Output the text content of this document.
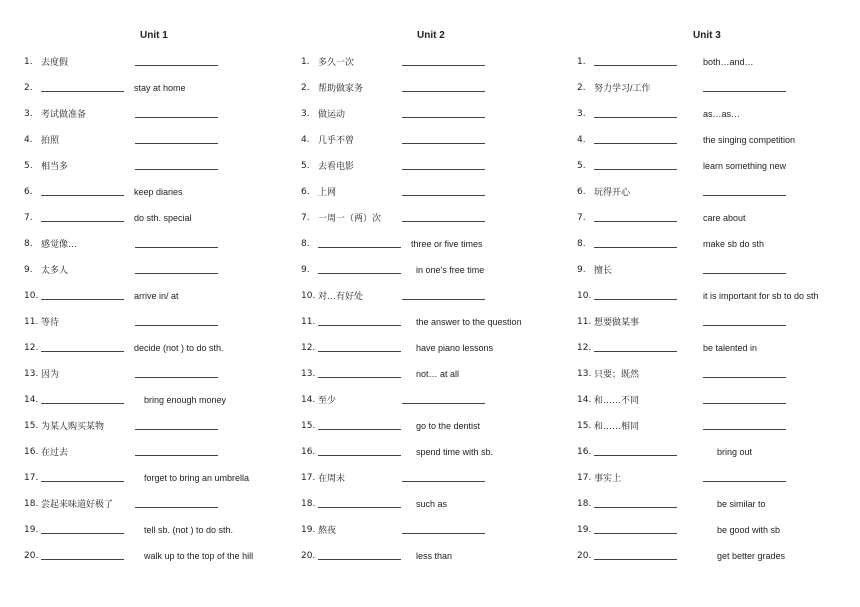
Unit 1
1. 去度假
2.	stay at home
3. 考试做准备
4. 拍照
5. 相当多
6.	keep diaries
7.	do sth. special
8. 感觉像…
9. 太多人
10.	arrive in/ at
11. 等待
12.	decide (not ) to do sth.
13. 因为
14.	bring enough money
15. 为某人购买某物
16. 在过去
17.	forget to bring an umbrella
18. 尝起来味道好极了
19.	tell sb. (not ) to do sth.
20.	walk up to the top of the hill
Unit 2
1. 多久一次
2. 帮助做家务
3. 做运动
4. 几乎不曾
5. 去看电影
6. 上网
7. 一周一（两）次
8.	three or five times
9.	in one's free time
10. 对…有好处
11.	the answer to the question
12.	have piano lessons
13.	not… at all
14. 至少
15.	go to the dentist
16.	spend time with sb.
17. 在周末
18.	such as
19. 熬夜
20.	less than
Unit 3
1.	both…and…
2. 努力学习/工作
3.	as…as…
4.	the singing competition
5.	learn something new
6. 玩得开心
7.	care about
8.	make sb do sth
9. 擅长
10.	it is important for sb to do sth
11. 想要做某事
12.	be talented in
13. 只要；既然
14. 和……不同
15. 和……相同
16.	bring out
17. 事实上
18.	be similar to
19.	be good with sb
20.	get better grades
